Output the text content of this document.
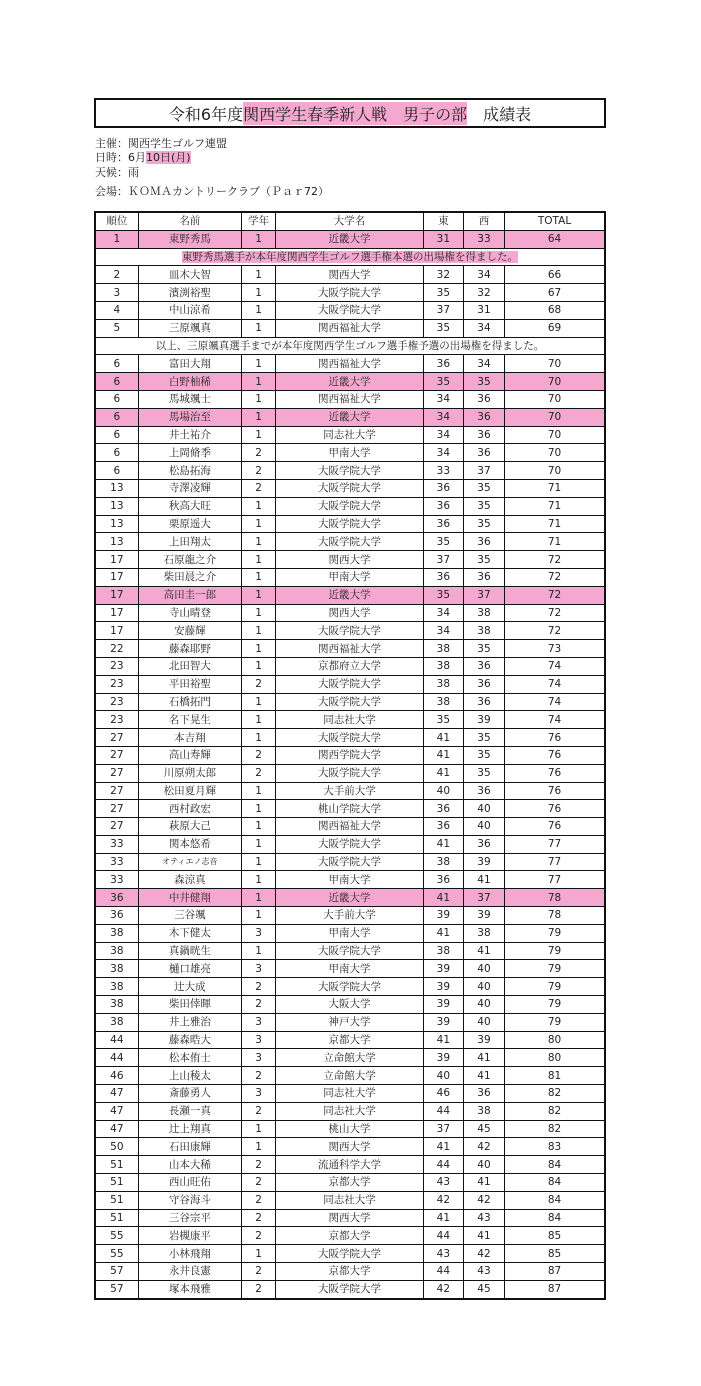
令和6年度 関西学生春季新人戦　男子の部 　成績表
主催：関西学生ゴルフ連盟
日時：6月10日(月)
天候：雨
会場：ＫＯＭＡカントリークラブ（Ｐａｒ72）
順位	名前	学年	大学名	東	西	TOTAL
1	東野秀馬	1	近畿大学	31	33	64
東野秀馬選手が本年度関西学生ゴルフ選手権本選の出場権を得ました。						
2	皿木大智	1	関西大学	32	34	66
3	濱渕裕聖	1	大阪学院大学	35	32	67
4	中山涼希	1	大阪学院大学	37	31	68
5	三原颯真	1	関西福祉大学	35	34	69
以上、三原颯真選手までが本年度関西学生ゴルフ選手権予選の出場権を得ました。						
6	富田大翔	1	関西福祉大学	36	34	70
6	白野柚稀	1	近畿大学	35	35	70
6	馬城颯士	1	関西福祉大学	34	36	70
6	馬場治至	1	近畿大学	34	36	70
6	井土祐介	1	同志社大学	34	36	70
6	上岡脩季	2	甲南大学	34	36	70
6	松島拓海	2	大阪学院大学	33	37	70
13	寺澤凌輝	2	大阪学院大学	36	35	71
13	秋高大旺	1	大阪学院大学	36	35	71
13	栗原遥大	1	大阪学院大学	36	35	71
13	上田翔太	1	大阪学院大学	35	36	71
17	石原龍之介	1	関西大学	37	35	72
17	柴田晨之介	1	甲南大学	36	36	72
17	高田圭一郎	1	近畿大学	35	37	72
17	寺山晴登	1	関西大学	34	38	72
17	安藤輝	1	大阪学院大学	34	38	72
22	藤森耶野	1	関西福祉大学	38	35	73
23	北田智大	1	京都府立大学	38	36	74
23	平田裕聖	2	大阪学院大学	38	36	74
23	石橋拓門	1	大阪学院大学	38	36	74
23	名下晃生	1	同志社大学	35	39	74
27	本吉翔	1	大阪学院大学	41	35	76
27	高山寿輝	2	関西学院大学	41	35	76
27	川原朔太郎	2	大阪学院大学	41	35	76
27	松田夏月輝	1	大手前大学	40	36	76
27	西村政宏	1	桃山学院大学	36	40	76
27	萩原大己	1	関西福祉大学	36	40	76
33	関本悠希	1	大阪学院大学	41	36	77
33	オティエノ志音	1	大阪学院大学	38	39	77
33	森涼真	1	甲南大学	36	41	77
36	中井健翔	1	近畿大学	41	37	78
36	三谷颯	1	大手前大学	39	39	78
38	木下健太	3	甲南大学	41	38	79
38	真鍋晄生	1	大阪学院大学	38	41	79
38	樋口雄亮	3	甲南大学	39	40	79
38	辻大成	2	大阪学院大学	39	40	79
38	柴田倖暉	2	大阪大学	39	40	79
38	井上雅治	3	神戸大学	39	40	79
44	藤森晧大	3	京都大学	41	39	80
44	松本侑士	3	立命館大学	39	41	80
46	上山稜太	2	立命館大学	40	41	81
47	斎藤勇人	3	同志社大学	46	36	82
47	長瀬一真	2	同志社大学	44	38	82
47	辻上翔真	1	桃山大学	37	45	82
50	石田康輝	1	関西大学	41	42	83
51	山本大稀	2	流通科学大学	44	40	84
51	西山旺佑	2	京都大学	43	41	84
51	守谷海斗	2	同志社大学	42	42	84
51	三谷宗平	2	関西大学	41	43	84
55	岩槻康平	2	京都大学	44	41	85
55	小林飛翔	1	大阪学院大学	43	42	85
57	永井良憲	2	京都大学	44	43	87
57	塚本飛雅	2	大阪学院大学	42	45	87
